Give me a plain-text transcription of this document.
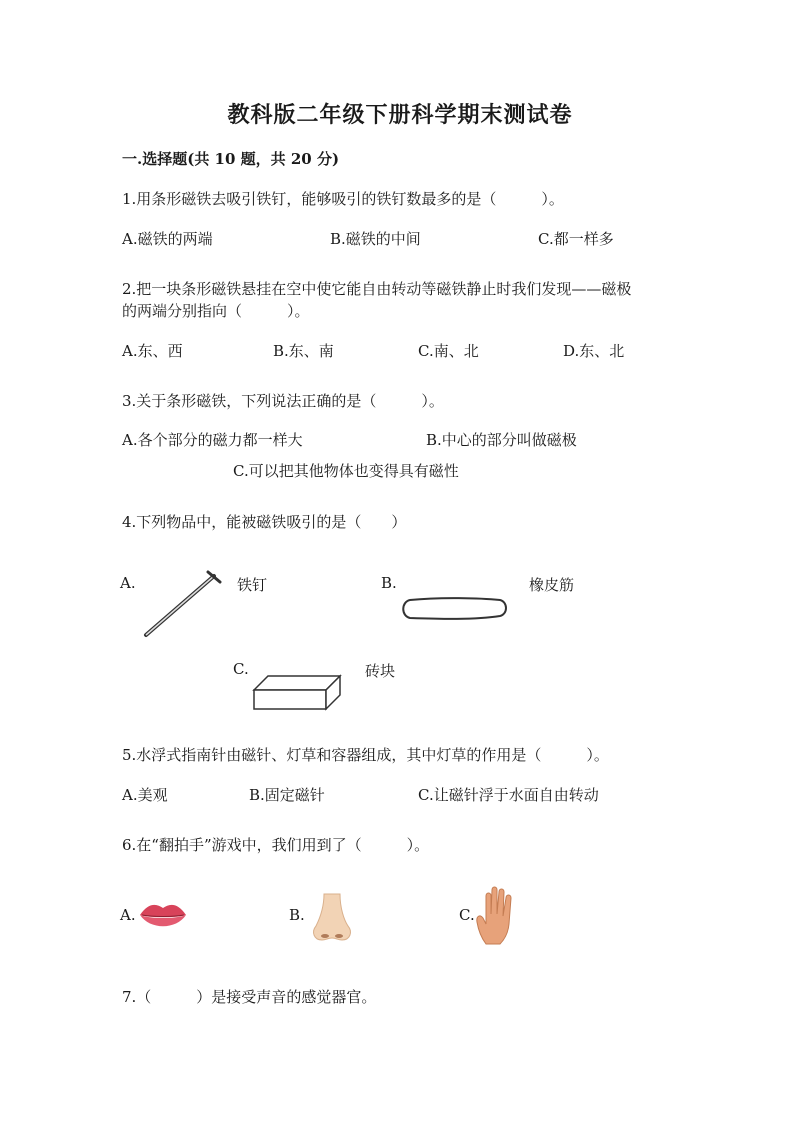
教科版二年级下册科学期末测试卷
一.选择题(共 10 题，共 20 分)
1.用条形磁铁去吸引铁钉，能够吸引的铁钉数最多的是（　　　）。
A.磁铁的两端	B.磁铁的中间	C.都一样多
2.把一块条形磁铁悬挂在空中使它能自由转动等磁铁静止时我们发现——磁极
的两端分别指向（　　　）。
A.东、西	B.东、南	C.南、北	D.东、北
3.关于条形磁铁，下列说法正确的是（　　　）。
A.各个部分的磁力都一样大	B.中心的部分叫做磁极
C.可以把其他物体也变得具有磁性
4.下列物品中，能被磁铁吸引的是（　　）
A.	铁钉	B.	橡皮筋
C.	砖块
5.水浮式指南针由磁针、灯草和容器组成，其中灯草的作用是（　　　）。
A.美观	B.固定磁针	C.让磁针浮于水面自由转动
6.在“翻拍手”游戏中，我们用到了（　　　）。
A.	B.	C.
7.（　　　）是接受声音的感觉器官。
